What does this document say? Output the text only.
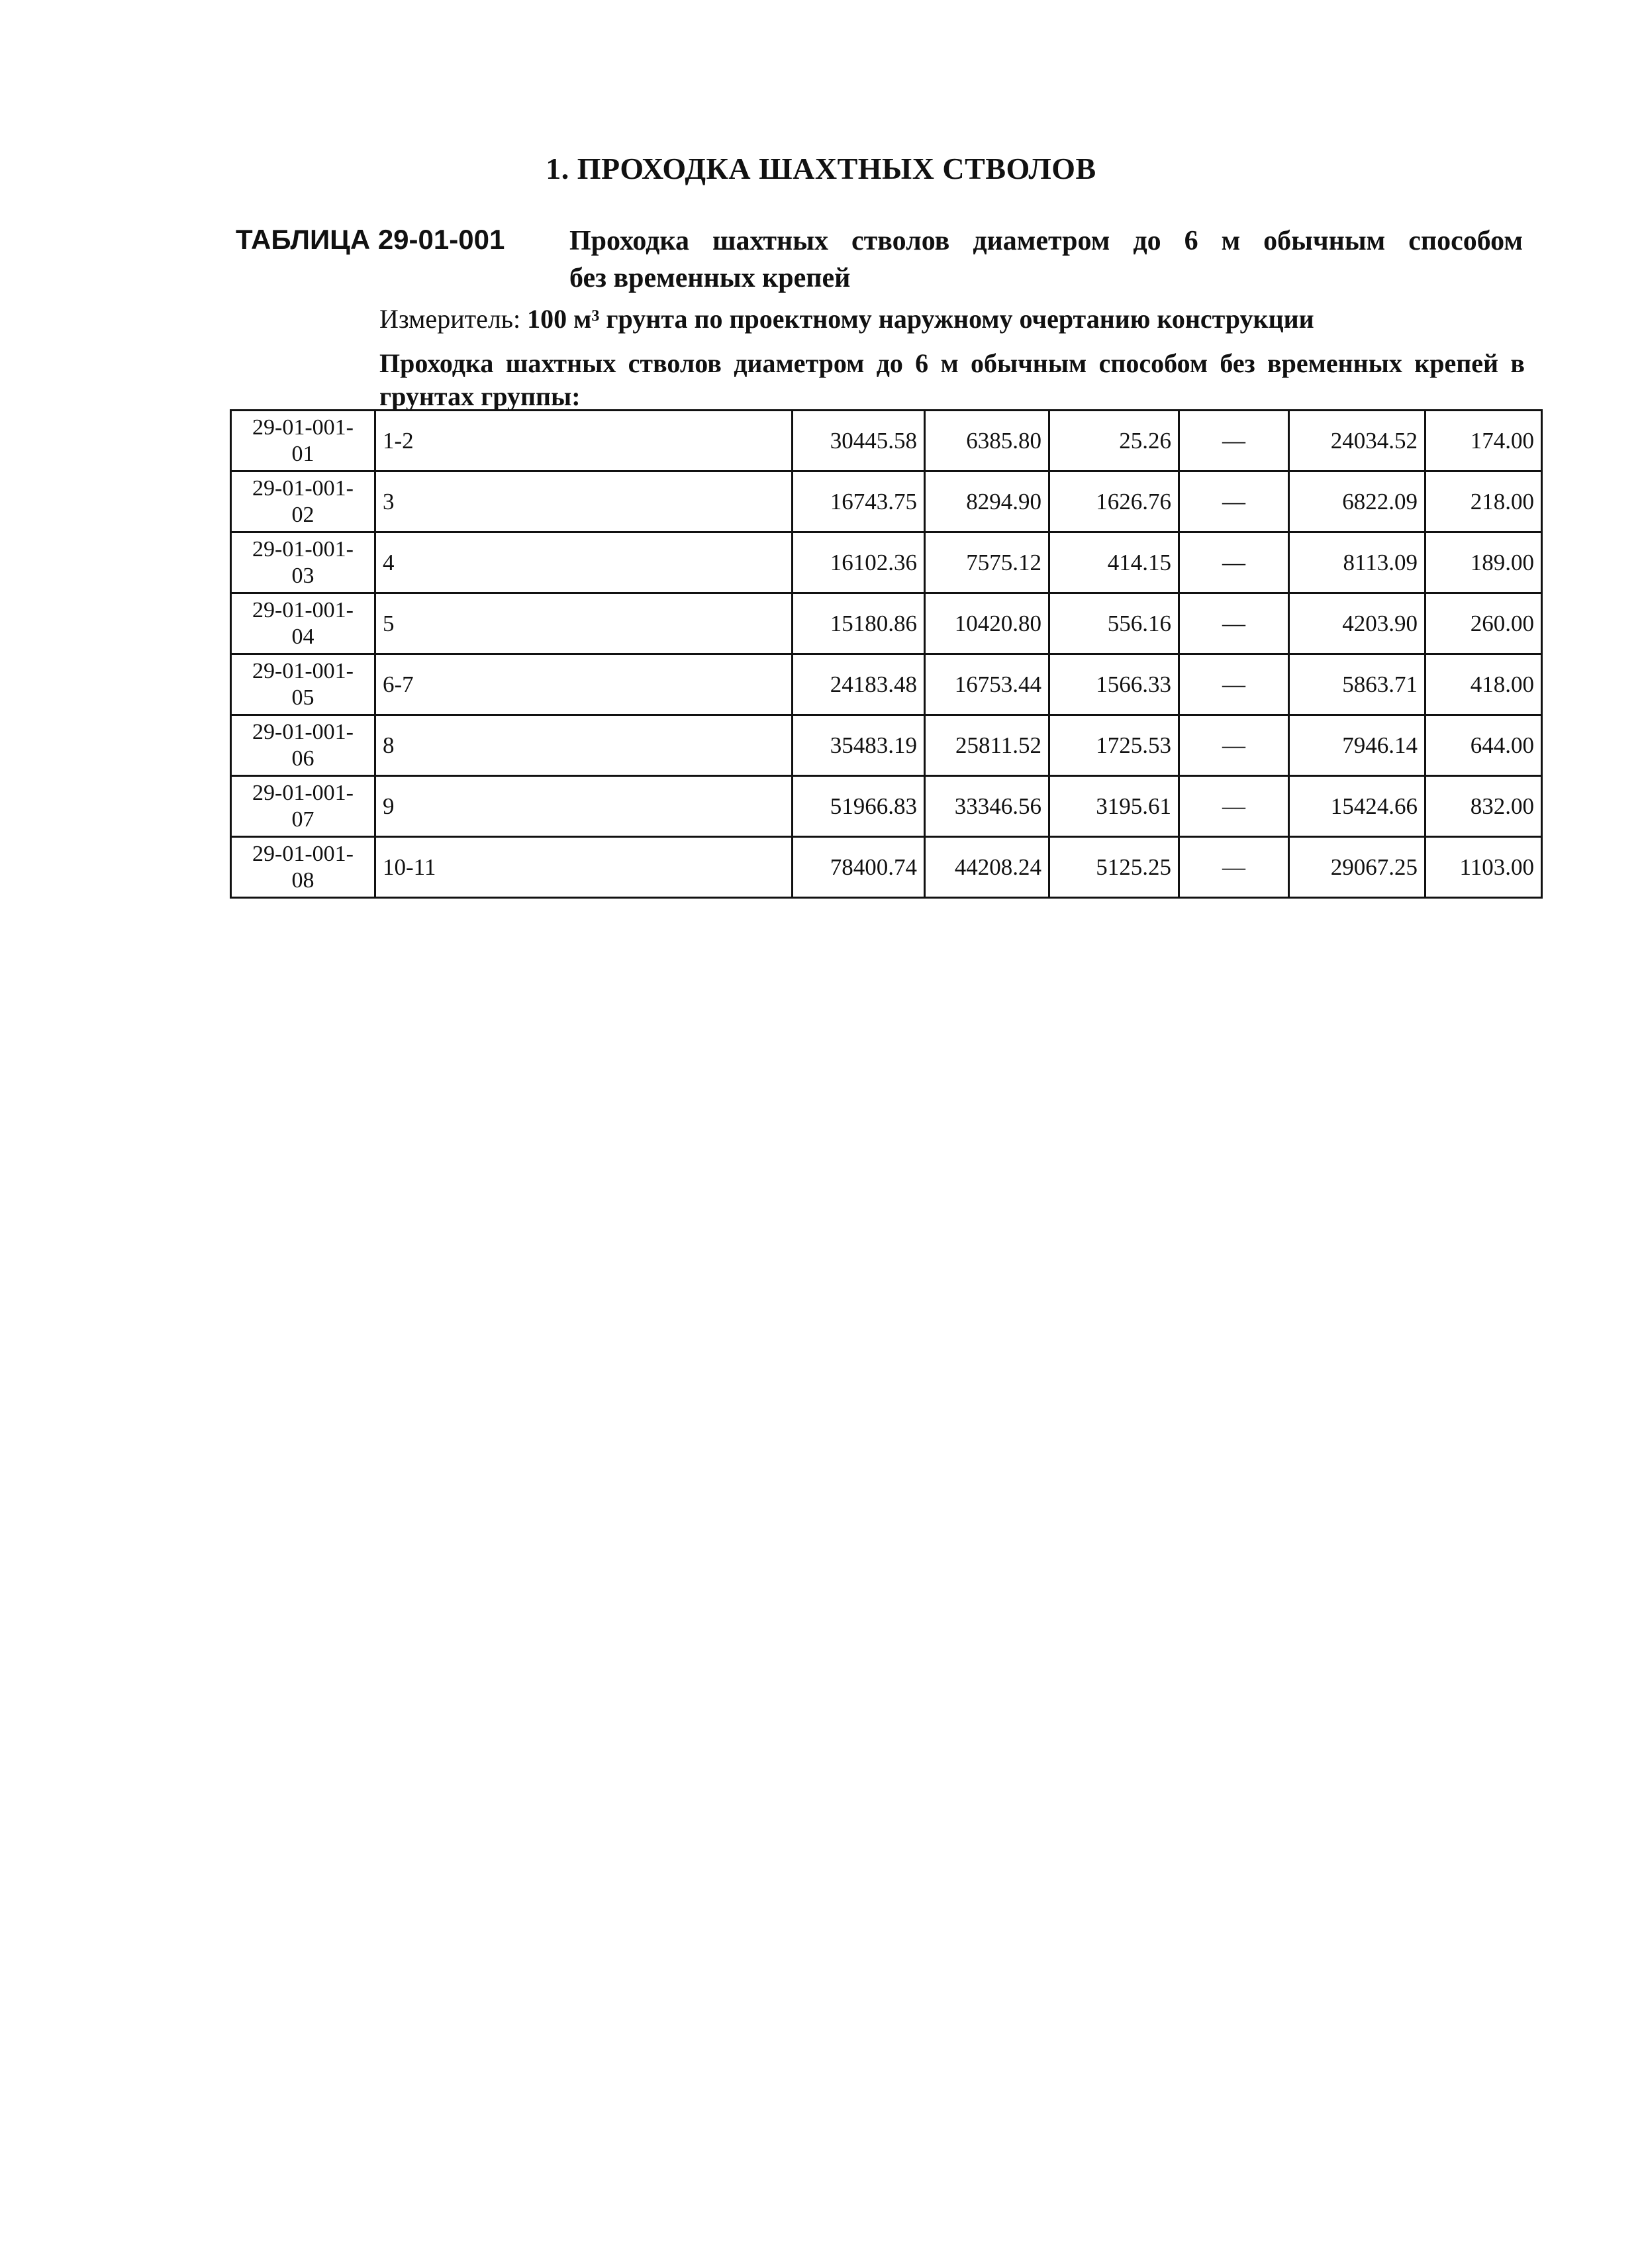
1. ПРОХОДКА ШАХТНЫХ СТВОЛОВ
ТАБЛИЦА 29-01-001 Проходка шахтных стволов диаметром до 6 м обычным способом
без временных крепей
Измеритель: 100 м³ грунта по проектному наружному очертанию конструкции
Проходка шахтных стволов диаметром до 6 м обычным способом без временных крепей в
грунтах группы:
29-01-001-
01	1-2	30445.58	6385.80	25.26	—	24034.52	174.00

29-01-001-
02	3	16743.75	8294.90	1626.76	—	6822.09	218.00

29-01-001-
03	4	16102.36	7575.12	414.15	—	8113.09	189.00

29-01-001-
04	5	15180.86	10420.80	556.16	—	4203.90	260.00

29-01-001-
05	6-7	24183.48	16753.44	1566.33	—	5863.71	418.00

29-01-001-
06	8	35483.19	25811.52	1725.53	—	7946.14	644.00

29-01-001-
07	9	51966.83	33346.56	3195.61	—	15424.66	832.00

29-01-001-
08	10-11	78400.74	44208.24	5125.25	—	29067.25	1103.00
